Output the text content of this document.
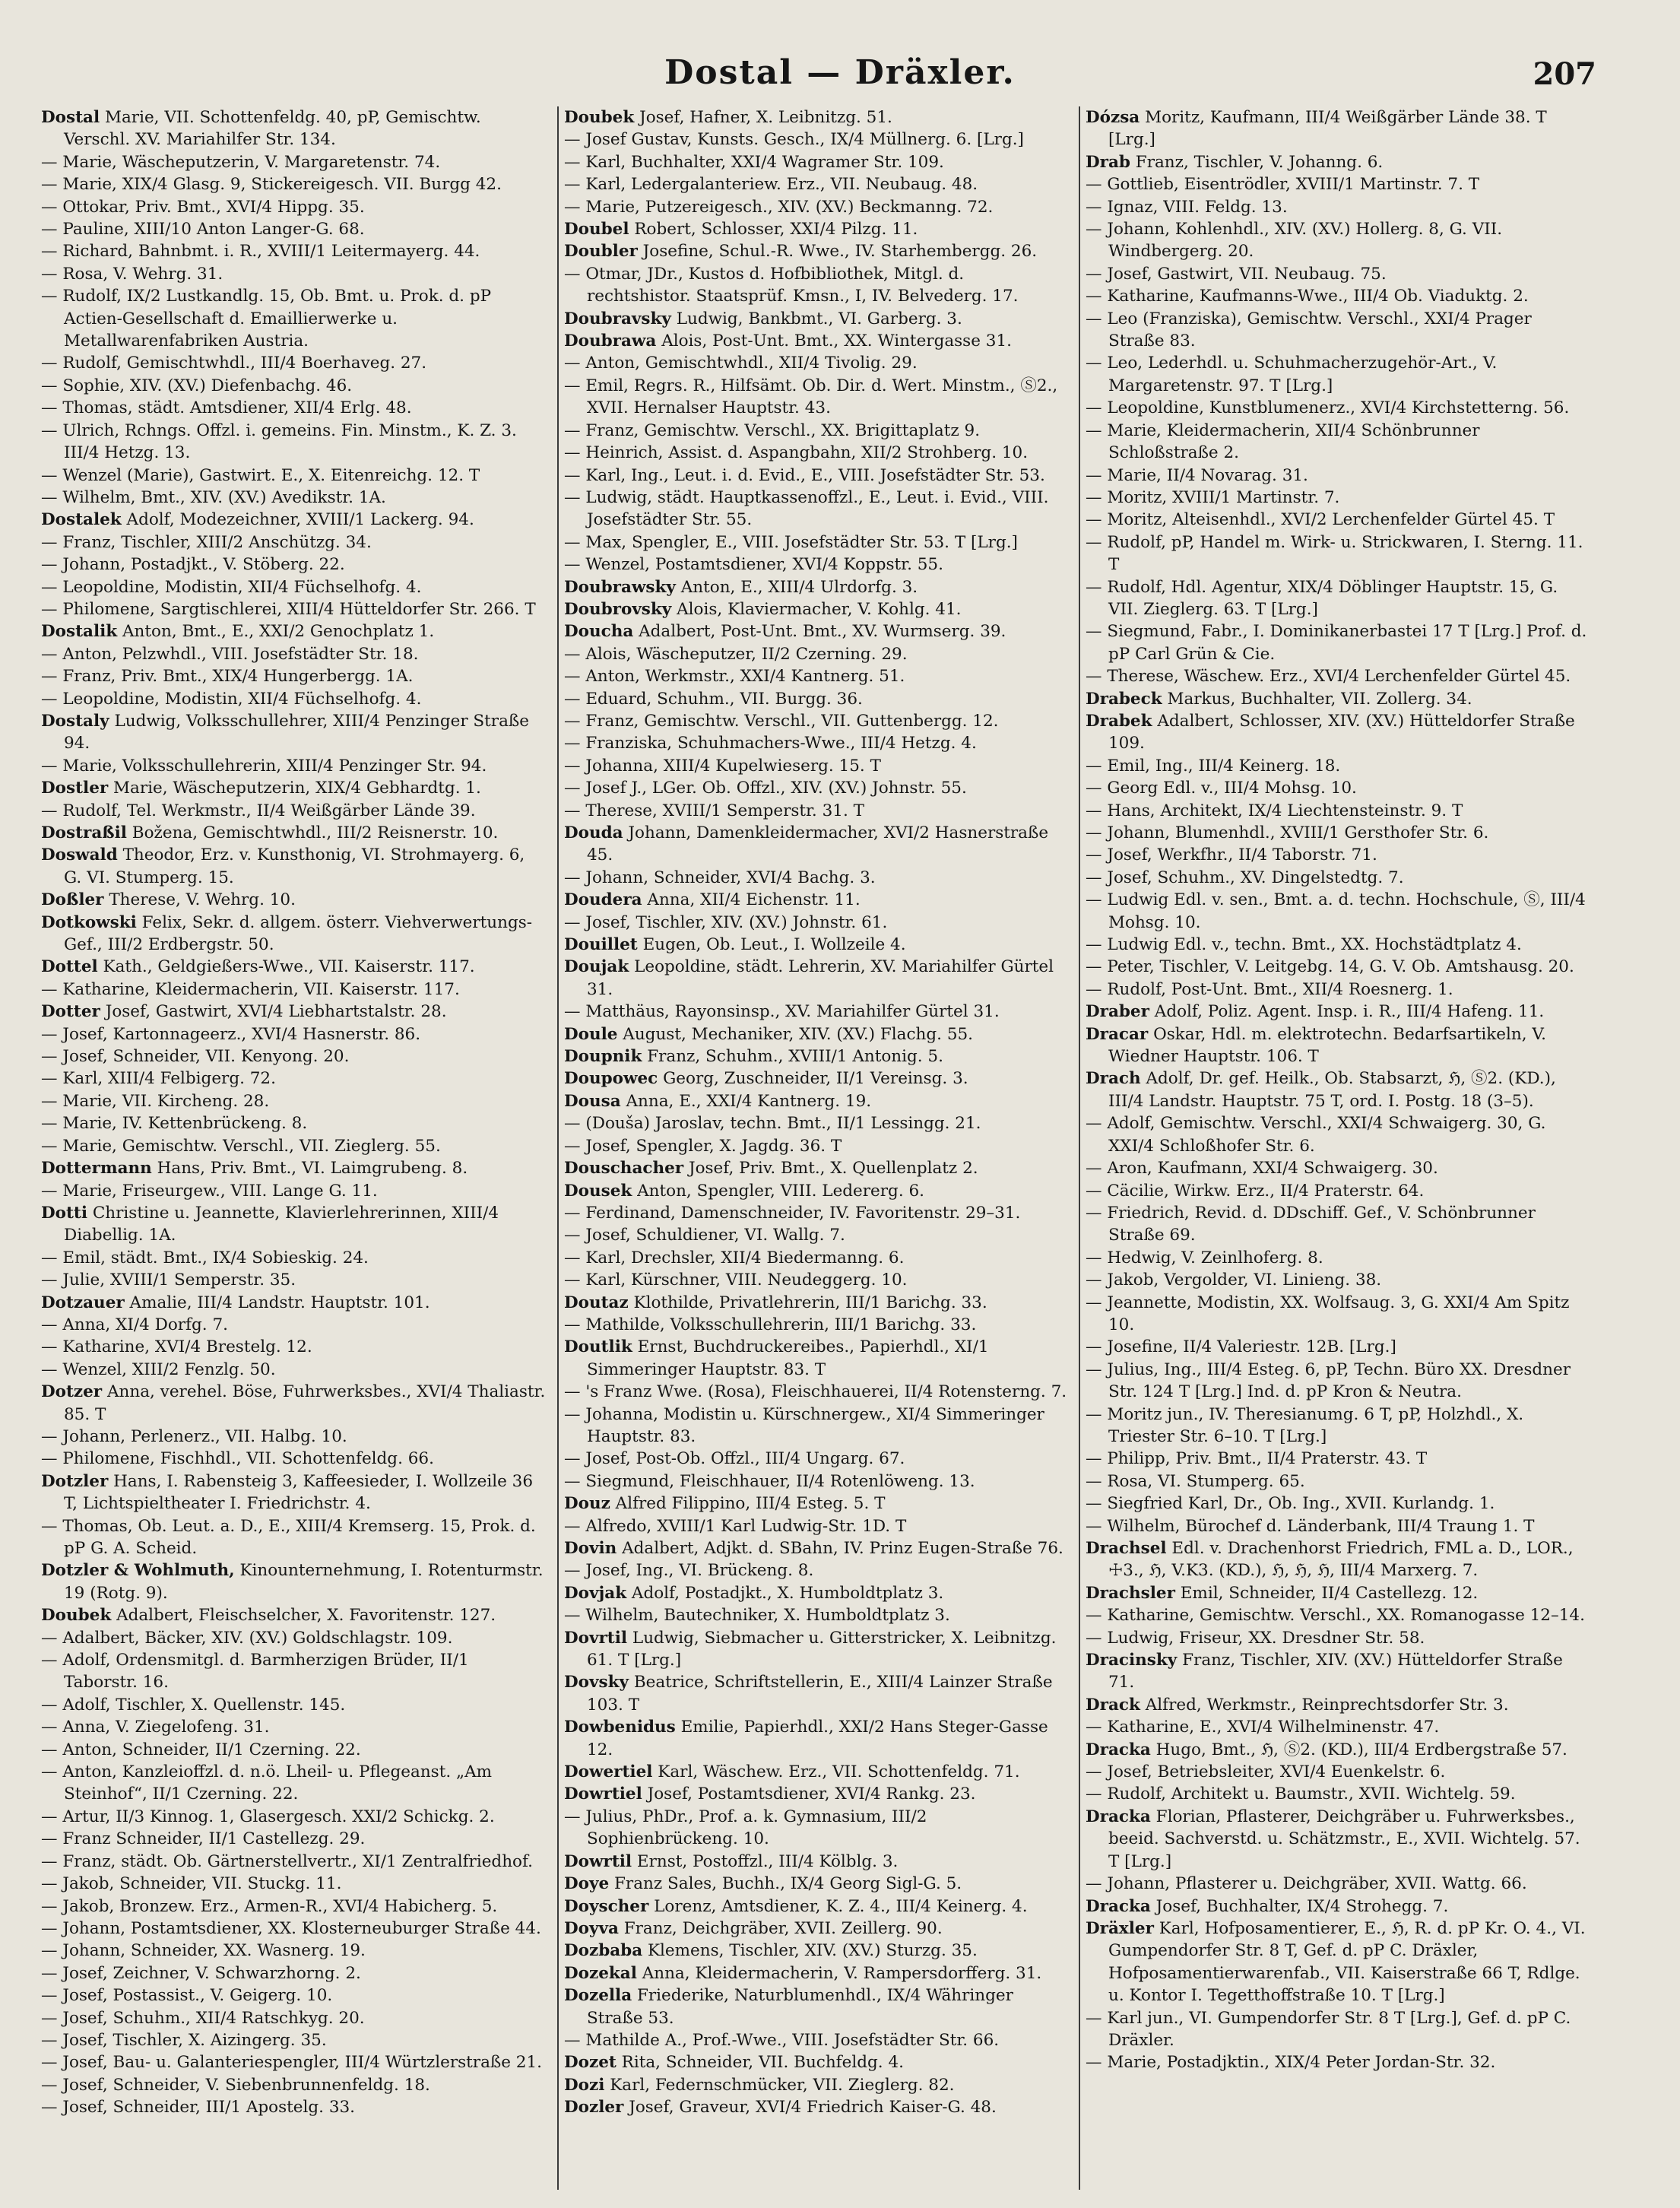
Dostal — Dräxler.	207
Dostal Marie, VII. Schottenfeldg. 40, pP, Gemischtw. Verschl. XV. Mariahilfer Str. 134.
— Marie, Wäscheputzerin, V. Margaretenstr. 74.
— Marie, XIX/4 Glasg. 9, Stickereigesch. VII. Burgg 42.
— Ottokar, Priv. Bmt., XVI/4 Hippg. 35.
— Pauline, XIII/10 Anton Langer-G. 68.
— Richard, Bahnbmt. i. R., XVIII/1 Leitermayerg. 44.
— Rosa, V. Wehrg. 31.
— Rudolf, IX/2 Lustkandlg. 15, Ob. Bmt. u. Prok. d. pP Actien-Gesellschaft d. Emaillierwerke u. Metallwarenfabriken Austria.
— Rudolf, Gemischtwhdl., III/4 Boerhaveg. 27.
— Sophie, XIV. (XV.) Diefenbachg. 46.
— Thomas, städt. Amtsdiener, XII/4 Erlg. 48.
— Ulrich, Rchngs. Offzl. i. gemeins. Fin. Minstm., K. Z. 3. III/4 Hetzg. 13.
— Wenzel (Marie), Gastwirt. E., X. Eitenreichg. 12. T
— Wilhelm, Bmt., XIV. (XV.) Avedikstr. 1A.
Dostalek Adolf, Modezeichner, XVIII/1 Lackerg. 94.
— Franz, Tischler, XIII/2 Anschützg. 34.
— Johann, Postadjkt., V. Stöberg. 22.
— Leopoldine, Modistin, XII/4 Füchselhofg. 4.
— Philomene, Sargtischlerei, XIII/4 Hütteldorfer Str. 266. T
Dostalik Anton, Bmt., E., XXI/2 Genochplatz 1.
— Anton, Pelzwhdl., VIII. Josefstädter Str. 18.
— Franz, Priv. Bmt., XIX/4 Hungerbergg. 1A.
— Leopoldine, Modistin, XII/4 Füchselhofg. 4.
Dostaly Ludwig, Volksschullehrer, XIII/4 Penzinger Straße 94.
— Marie, Volksschullehrerin, XIII/4 Penzinger Str. 94.
Dostler Marie, Wäscheputzerin, XIX/4 Gebhardtg. 1.
— Rudolf, Tel. Werkmstr., II/4 Weißgärber Lände 39.
Dostraßil Božena, Gemischtwhdl., III/2 Reisnerstr. 10.
Doswald Theodor, Erz. v. Kunsthonig, VI. Strohmayerg. 6, G. VI. Stumperg. 15.
Doßler Therese, V. Wehrg. 10.
Dotkowski Felix, Sekr. d. allgem. österr. Viehverwertungs-Gef., III/2 Erdbergstr. 50.
Dottel Kath., Geldgießers-Wwe., VII. Kaiserstr. 117.
— Katharine, Kleidermacherin, VII. Kaiserstr. 117.
Dotter Josef, Gastwirt, XVI/4 Liebhartstalstr. 28.
— Josef, Kartonnageerz., XVI/4 Hasnerstr. 86.
— Josef, Schneider, VII. Kenyong. 20.
— Karl, XIII/4 Felbigerg. 72.
— Marie, VII. Kircheng. 28.
— Marie, IV. Kettenbrückeng. 8.
— Marie, Gemischtw. Verschl., VII. Zieglerg. 55.
Dottermann Hans, Priv. Bmt., VI. Laimgrubeng. 8.
— Marie, Friseurgew., VIII. Lange G. 11.
Dotti Christine u. Jeannette, Klavierlehrerinnen, XIII/4 Diabellig. 1A.
— Emil, städt. Bmt., IX/4 Sobieskig. 24.
— Julie, XVIII/1 Semperstr. 35.
Dotzauer Amalie, III/4 Landstr. Hauptstr. 101.
— Anna, XI/4 Dorfg. 7.
— Katharine, XVI/4 Brestelg. 12.
— Wenzel, XIII/2 Fenzlg. 50.
Dotzer Anna, verehel. Böse, Fuhrwerksbes., XVI/4 Thaliastr. 85. T
— Johann, Perlenerz., VII. Halbg. 10.
— Philomene, Fischhdl., VII. Schottenfeldg. 66.
Dotzler Hans, I. Rabensteig 3, Kaffeesieder, I. Wollzeile 36 T, Lichtspieltheater I. Friedrichstr. 4.
— Thomas, Ob. Leut. a. D., E., XIII/4 Kremserg. 15, Prok. d. pP G. A. Scheid.
Dotzler & Wohlmuth, Kinounternehmung, I. Rotenturmstr. 19 (Rotg. 9).
Doubek Adalbert, Fleischselcher, X. Favoritenstr. 127.
— Adalbert, Bäcker, XIV. (XV.) Goldschlagstr. 109.
— Adolf, Ordensmitgl. d. Barmherzigen Brüder, II/1 Taborstr. 16.
— Adolf, Tischler, X. Quellenstr. 145.
— Anna, V. Ziegelofeng. 31.
— Anton, Schneider, II/1 Czerning. 22.
— Anton, Kanzleioffzl. d. n.ö. Lheil- u. Pflegeanst. „Am Steinhof“, II/1 Czerning. 22.
— Artur, II/3 Kinnog. 1, Glasergesch. XXI/2 Schickg. 2.
— Franz Schneider, II/1 Castellezg. 29.
— Franz, städt. Ob. Gärtnerstellvertr., XI/1 Zentralfriedhof.
— Jakob, Schneider, VII. Stuckg. 11.
— Jakob, Bronzew. Erz., Armen-R., XVI/4 Habicherg. 5.
— Johann, Postamtsdiener, XX. Klosterneuburger Straße 44.
— Johann, Schneider, XX. Wasnerg. 19.
— Josef, Zeichner, V. Schwarzhorng. 2.
— Josef, Postassist., V. Geigerg. 10.
— Josef, Schuhm., XII/4 Ratschkyg. 20.
— Josef, Tischler, X. Aizingerg. 35.
— Josef, Bau- u. Galanteriespengler, III/4 Würtzlerstraße 21.
— Josef, Schneider, V. Siebenbrunnenfeldg. 18.
— Josef, Schneider, III/1 Apostelg. 33.
Doubek Josef, Hafner, X. Leibnitzg. 51.
— Josef Gustav, Kunsts. Gesch., IX/4 Müllnerg. 6. [Lrg.]
— Karl, Buchhalter, XXI/4 Wagramer Str. 109.
— Karl, Ledergalanteriew. Erz., VII. Neubaug. 48.
— Marie, Putzereigesch., XIV. (XV.) Beckmanng. 72.
Doubel Robert, Schlosser, XXI/4 Pilzg. 11.
Doubler Josefine, Schul.-R. Wwe., IV. Starhembergg. 26.
— Otmar, JDr., Kustos d. Hofbibliothek, Mitgl. d. rechtshistor. Staatsprüf. Kmsn., I, IV. Belvederg. 17.
Doubravsky Ludwig, Bankbmt., VI. Garberg. 3.
Doubrawa Alois, Post-Unt. Bmt., XX. Wintergasse 31.
— Anton, Gemischtwhdl., XII/4 Tivolig. 29.
— Emil, Regrs. R., Hilfsämt. Ob. Dir. d. Wert. Minstm., Ⓢ2., XVII. Hernalser Hauptstr. 43.
— Franz, Gemischtw. Verschl., XX. Brigittaplatz 9.
— Heinrich, Assist. d. Aspangbahn, XII/2 Strohberg. 10.
— Karl, Ing., Leut. i. d. Evid., E., VIII. Josefstädter Str. 53.
— Ludwig, städt. Hauptkassenoffzl., E., Leut. i. Evid., VIII. Josefstädter Str. 55.
— Max, Spengler, E., VIII. Josefstädter Str. 53. T [Lrg.]
— Wenzel, Postamtsdiener, XVI/4 Koppstr. 55.
Doubrawsky Anton, E., XIII/4 Ulrdorfg. 3.
Doubrovsky Alois, Klaviermacher, V. Kohlg. 41.
Doucha Adalbert, Post-Unt. Bmt., XV. Wurmserg. 39.
— Alois, Wäscheputzer, II/2 Czerning. 29.
— Anton, Werkmstr., XXI/4 Kantnerg. 51.
— Eduard, Schuhm., VII. Burgg. 36.
— Franz, Gemischtw. Verschl., VII. Guttenbergg. 12.
— Franziska, Schuhmachers-Wwe., III/4 Hetzg. 4.
— Johanna, XIII/4 Kupelwieserg. 15. T
— Josef J., LGer. Ob. Offzl., XIV. (XV.) Johnstr. 55.
— Therese, XVIII/1 Semperstr. 31. T
Douda Johann, Damenkleidermacher, XVI/2 Hasnerstraße 45.
— Johann, Schneider, XVI/4 Bachg. 3.
Doudera Anna, XII/4 Eichenstr. 11.
— Josef, Tischler, XIV. (XV.) Johnstr. 61.
Douillet Eugen, Ob. Leut., I. Wollzeile 4.
Doujak Leopoldine, städt. Lehrerin, XV. Mariahilfer Gürtel 31.
— Matthäus, Rayonsinsp., XV. Mariahilfer Gürtel 31.
Doule August, Mechaniker, XIV. (XV.) Flachg. 55.
Doupnik Franz, Schuhm., XVIII/1 Antonig. 5.
Doupowec Georg, Zuschneider, II/1 Vereinsg. 3.
Dousa Anna, E., XXI/4 Kantnerg. 19.
— (Douša) Jaroslav, techn. Bmt., II/1 Lessingg. 21.
— Josef, Spengler, X. Jagdg. 36. T
Douschacher Josef, Priv. Bmt., X. Quellenplatz 2.
Dousek Anton, Spengler, VIII. Ledererg. 6.
— Ferdinand, Damenschneider, IV. Favoritenstr. 29–31.
— Josef, Schuldiener, VI. Wallg. 7.
— Karl, Drechsler, XII/4 Biedermanng. 6.
— Karl, Kürschner, VIII. Neudeggerg. 10.
Doutaz Klothilde, Privatlehrerin, III/1 Barichg. 33.
— Mathilde, Volksschullehrerin, III/1 Barichg. 33.
Doutlik Ernst, Buchdruckereibes., Papierhdl., XI/1 Simmeringer Hauptstr. 83. T
— 's Franz Wwe. (Rosa), Fleischhauerei, II/4 Rotensterng. 7.
— Johanna, Modistin u. Kürschnergew., XI/4 Simmeringer Hauptstr. 83.
— Josef, Post-Ob. Offzl., III/4 Ungarg. 67.
— Siegmund, Fleischhauer, II/4 Rotenlöweng. 13.
Douz Alfred Filippino, III/4 Esteg. 5. T
— Alfredo, XVIII/1 Karl Ludwig-Str. 1D. T
Dovin Adalbert, Adjkt. d. SBahn, IV. Prinz Eugen-Straße 76.
— Josef, Ing., VI. Brückeng. 8.
Dovjak Adolf, Postadjkt., X. Humboldtplatz 3.
— Wilhelm, Bautechniker, X. Humboldtplatz 3.
Dovrtil Ludwig, Siebmacher u. Gitterstricker, X. Leibnitzg. 61. T [Lrg.]
Dovsky Beatrice, Schriftstellerin, E., XIII/4 Lainzer Straße 103. T
Dowbenidus Emilie, Papierhdl., XXI/2 Hans Steger-Gasse 12.
Dowertiel Karl, Wäschew. Erz., VII. Schottenfeldg. 71.
Dowrtiel Josef, Postamtsdiener, XVI/4 Rankg. 23.
— Julius, PhDr., Prof. a. k. Gymnasium, III/2 Sophienbrückeng. 10.
Dowrtil Ernst, Postoffzl., III/4 Kölblg. 3.
Doye Franz Sales, Buchh., IX/4 Georg Sigl-G. 5.
Doyscher Lorenz, Amtsdiener, K. Z. 4., III/4 Keinerg. 4.
Doyva Franz, Deichgräber, XVII. Zeillerg. 90.
Dozbaba Klemens, Tischler, XIV. (XV.) Sturzg. 35.
Dozekal Anna, Kleidermacherin, V. Rampersdorfferg. 31.
Dozella Friederike, Naturblumenhdl., IX/4 Währinger Straße 53.
— Mathilde A., Prof.-Wwe., VIII. Josefstädter Str. 66.
Dozet Rita, Schneider, VII. Buchfeldg. 4.
Dozi Karl, Federnschmücker, VII. Zieglerg. 82.
Dozler Josef, Graveur, XVI/4 Friedrich Kaiser-G. 48.
Dózsa Moritz, Kaufmann, III/4 Weißgärber Lände 38. T [Lrg.]
Drab Franz, Tischler, V. Johanng. 6.
— Gottlieb, Eisentrödler, XVIII/1 Martinstr. 7. T
— Ignaz, VIII. Feldg. 13.
— Johann, Kohlenhdl., XIV. (XV.) Hollerg. 8, G. VII. Windbergerg. 20.
— Josef, Gastwirt, VII. Neubaug. 75.
— Katharine, Kaufmanns-Wwe., III/4 Ob. Viaduktg. 2.
— Leo (Franziska), Gemischtw. Verschl., XXI/4 Prager Straße 83.
— Leo, Lederhdl. u. Schuhmacherzugehör-Art., V. Margaretenstr. 97. T [Lrg.]
— Leopoldine, Kunstblumenerz., XVI/4 Kirchstetterng. 56.
— Marie, Kleidermacherin, XII/4 Schönbrunner Schloßstraße 2.
— Marie, II/4 Novarag. 31.
— Moritz, XVIII/1 Martinstr. 7.
— Moritz, Alteisenhdl., XVI/2 Lerchenfelder Gürtel 45. T
— Rudolf, pP, Handel m. Wirk- u. Strickwaren, I. Sterng. 11. T
— Rudolf, Hdl. Agentur, XIX/4 Döblinger Hauptstr. 15, G. VII. Zieglerg. 63. T [Lrg.]
— Siegmund, Fabr., I. Dominikanerbastei 17 T [Lrg.] Prof. d. pP Carl Grün & Cie.
— Therese, Wäschew. Erz., XVI/4 Lerchenfelder Gürtel 45.
Drabeck Markus, Buchhalter, VII. Zollerg. 34.
Drabek Adalbert, Schlosser, XIV. (XV.) Hütteldorfer Straße 109.
— Emil, Ing., III/4 Keinerg. 18.
— Georg Edl. v., III/4 Mohsg. 10.
— Hans, Architekt, IX/4 Liechtensteinstr. 9. T
— Johann, Blumenhdl., XVIII/1 Gersthofer Str. 6.
— Josef, Werkfhr., II/4 Taborstr. 71.
— Josef, Schuhm., XV. Dingelstedtg. 7.
— Ludwig Edl. v. sen., Bmt. a. d. techn. Hochschule, Ⓢ, III/4 Mohsg. 10.
— Ludwig Edl. v., techn. Bmt., XX. Hochstädtplatz 4.
— Peter, Tischler, V. Leitgebg. 14, G. V. Ob. Amtshausg. 20.
— Rudolf, Post-Unt. Bmt., XII/4 Roesnerg. 1.
Draber Adolf, Poliz. Agent. Insp. i. R., III/4 Hafeng. 11.
Dracar Oskar, Hdl. m. elektrotechn. Bedarfsartikeln, V. Wiedner Hauptstr. 106. T
Drach Adolf, Dr. gef. Heilk., Ob. Stabsarzt, ℌ, Ⓢ2. (KD.), III/4 Landstr. Hauptstr. 75 T, ord. I. Postg. 18 (3–5).
— Adolf, Gemischtw. Verschl., XXI/4 Schwaigerg. 30, G. XXI/4 Schloßhofer Str. 6.
— Aron, Kaufmann, XXI/4 Schwaigerg. 30.
— Cäcilie, Wirkw. Erz., II/4 Praterstr. 64.
— Friedrich, Revid. d. DDschiff. Gef., V. Schönbrunner Straße 69.
— Hedwig, V. Zeinlhoferg. 8.
— Jakob, Vergolder, VI. Linieng. 38.
— Jeannette, Modistin, XX. Wolfsaug. 3, G. XXI/4 Am Spitz 10.
— Josefine, II/4 Valeriestr. 12B. [Lrg.]
— Julius, Ing., III/4 Esteg. 6, pP, Techn. Büro XX. Dresdner Str. 124 T [Lrg.] Ind. d. pP Kron & Neutra.
— Moritz jun., IV. Theresianumg. 6 T, pP, Holzhdl., X. Triester Str. 6–10. T [Lrg.]
— Philipp, Priv. Bmt., II/4 Praterstr. 43. T
— Rosa, VI. Stumperg. 65.
— Siegfried Karl, Dr., Ob. Ing., XVII. Kurlandg. 1.
— Wilhelm, Bürochef d. Länderbank, III/4 Traung 1. T
Drachsel Edl. v. Drachenhorst Friedrich, FML a. D., LOR., ☩3., ℌ, V.K3. (KD.), ℌ, ℌ, ℌ, III/4 Marxerg. 7.
Drachsler Emil, Schneider, II/4 Castellezg. 12.
— Katharine, Gemischtw. Verschl., XX. Romanogasse 12–14.
— Ludwig, Friseur, XX. Dresdner Str. 58.
Dracinsky Franz, Tischler, XIV. (XV.) Hütteldorfer Straße 71.
Drack Alfred, Werkmstr., Reinprechtsdorfer Str. 3.
— Katharine, E., XVI/4 Wilhelminenstr. 47.
Dracka Hugo, Bmt., ℌ, Ⓢ2. (KD.), III/4 Erdbergstraße 57.
— Josef, Betriebsleiter, XVI/4 Euenkelstr. 6.
— Rudolf, Architekt u. Baumstr., XVII. Wichtelg. 59.
Dracka Florian, Pflasterer, Deichgräber u. Fuhrwerksbes., beeid. Sachverstd. u. Schätzmstr., E., XVII. Wichtelg. 57. T [Lrg.]
— Johann, Pflasterer u. Deichgräber, XVII. Wattg. 66.
Dracka Josef, Buchhalter, IX/4 Strohegg. 7.
Dräxler Karl, Hofposamentierer, E., ℌ, R. d. pP Kr. O. 4., VI. Gumpendorfer Str. 8 T, Gef. d. pP C. Dräxler, Hofposamentierwarenfab., VII. Kaiserstraße 66 T, Rdlge. u. Kontor I. Tegetthoffstraße 10. T [Lrg.]
— Karl jun., VI. Gumpendorfer Str. 8 T [Lrg.], Gef. d. pP C. Dräxler.
— Marie, Postadjktin., XIX/4 Peter Jordan-Str. 32.
